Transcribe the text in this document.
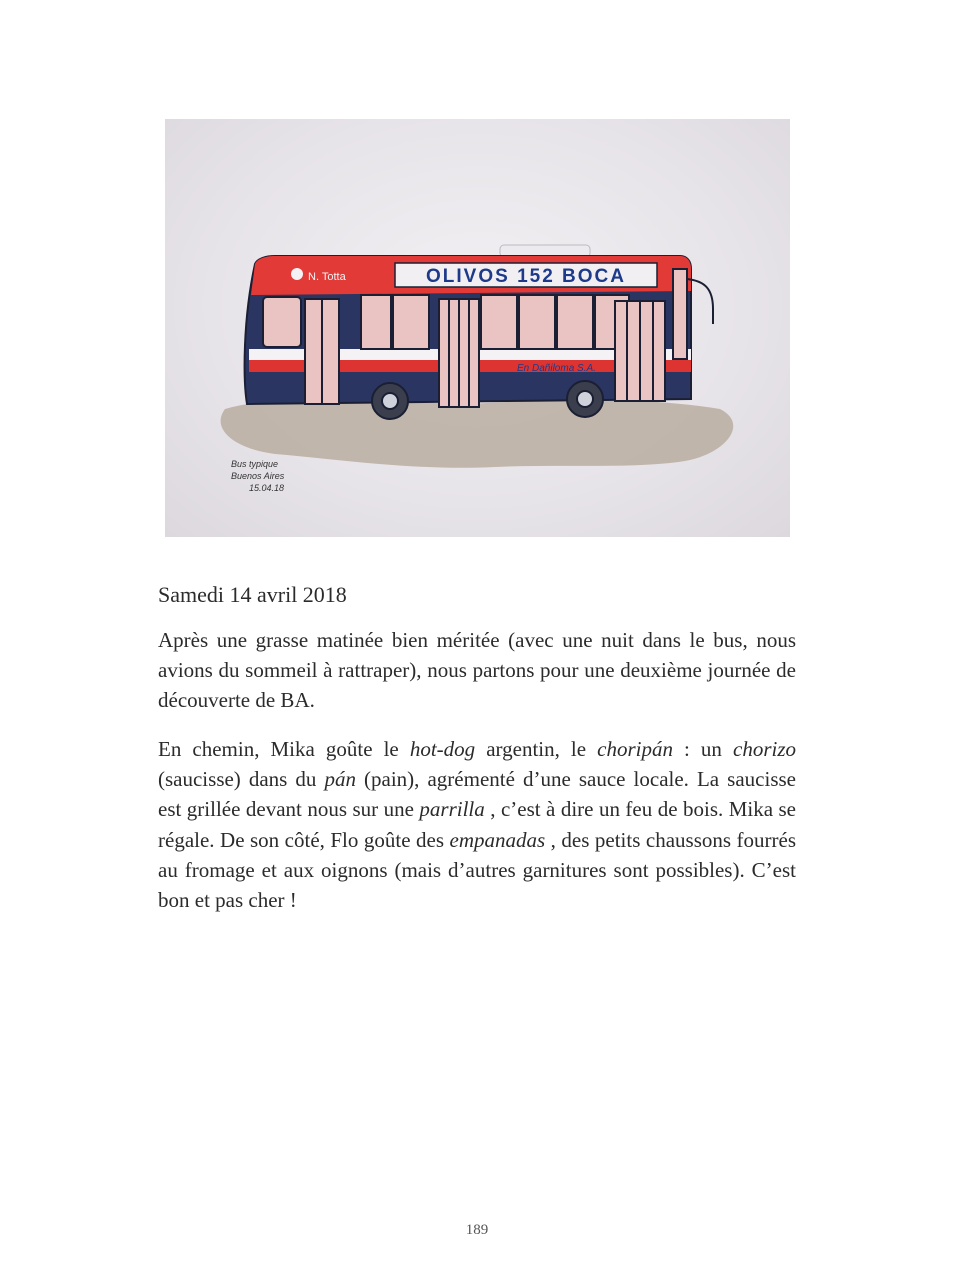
OLIVOS 152 BOCA
N. Totta
En Dañiloma S.A.
Bus typique
Buenos Aires
15.04.18

Samedi 14 avril 2018

Après une grasse matinée bien méritée (avec une nuit dans le bus, nous avions du sommeil à rattraper), nous partons pour une deuxième journée de découverte de BA.

En chemin, Mika goûte le hot-dog argentin, le choripán : un chorizo (saucisse) dans du pán (pain), agrémenté d’une sauce locale. La saucisse est grillée devant nous sur une parrilla , c’est à dire un feu de bois. Mika se régale. De son côté, Flo goûte des empanadas , des petits chaussons fourrés au fromage et aux oignons (mais d’autres garnitures sont possibles). C’est bon et pas cher !

189
